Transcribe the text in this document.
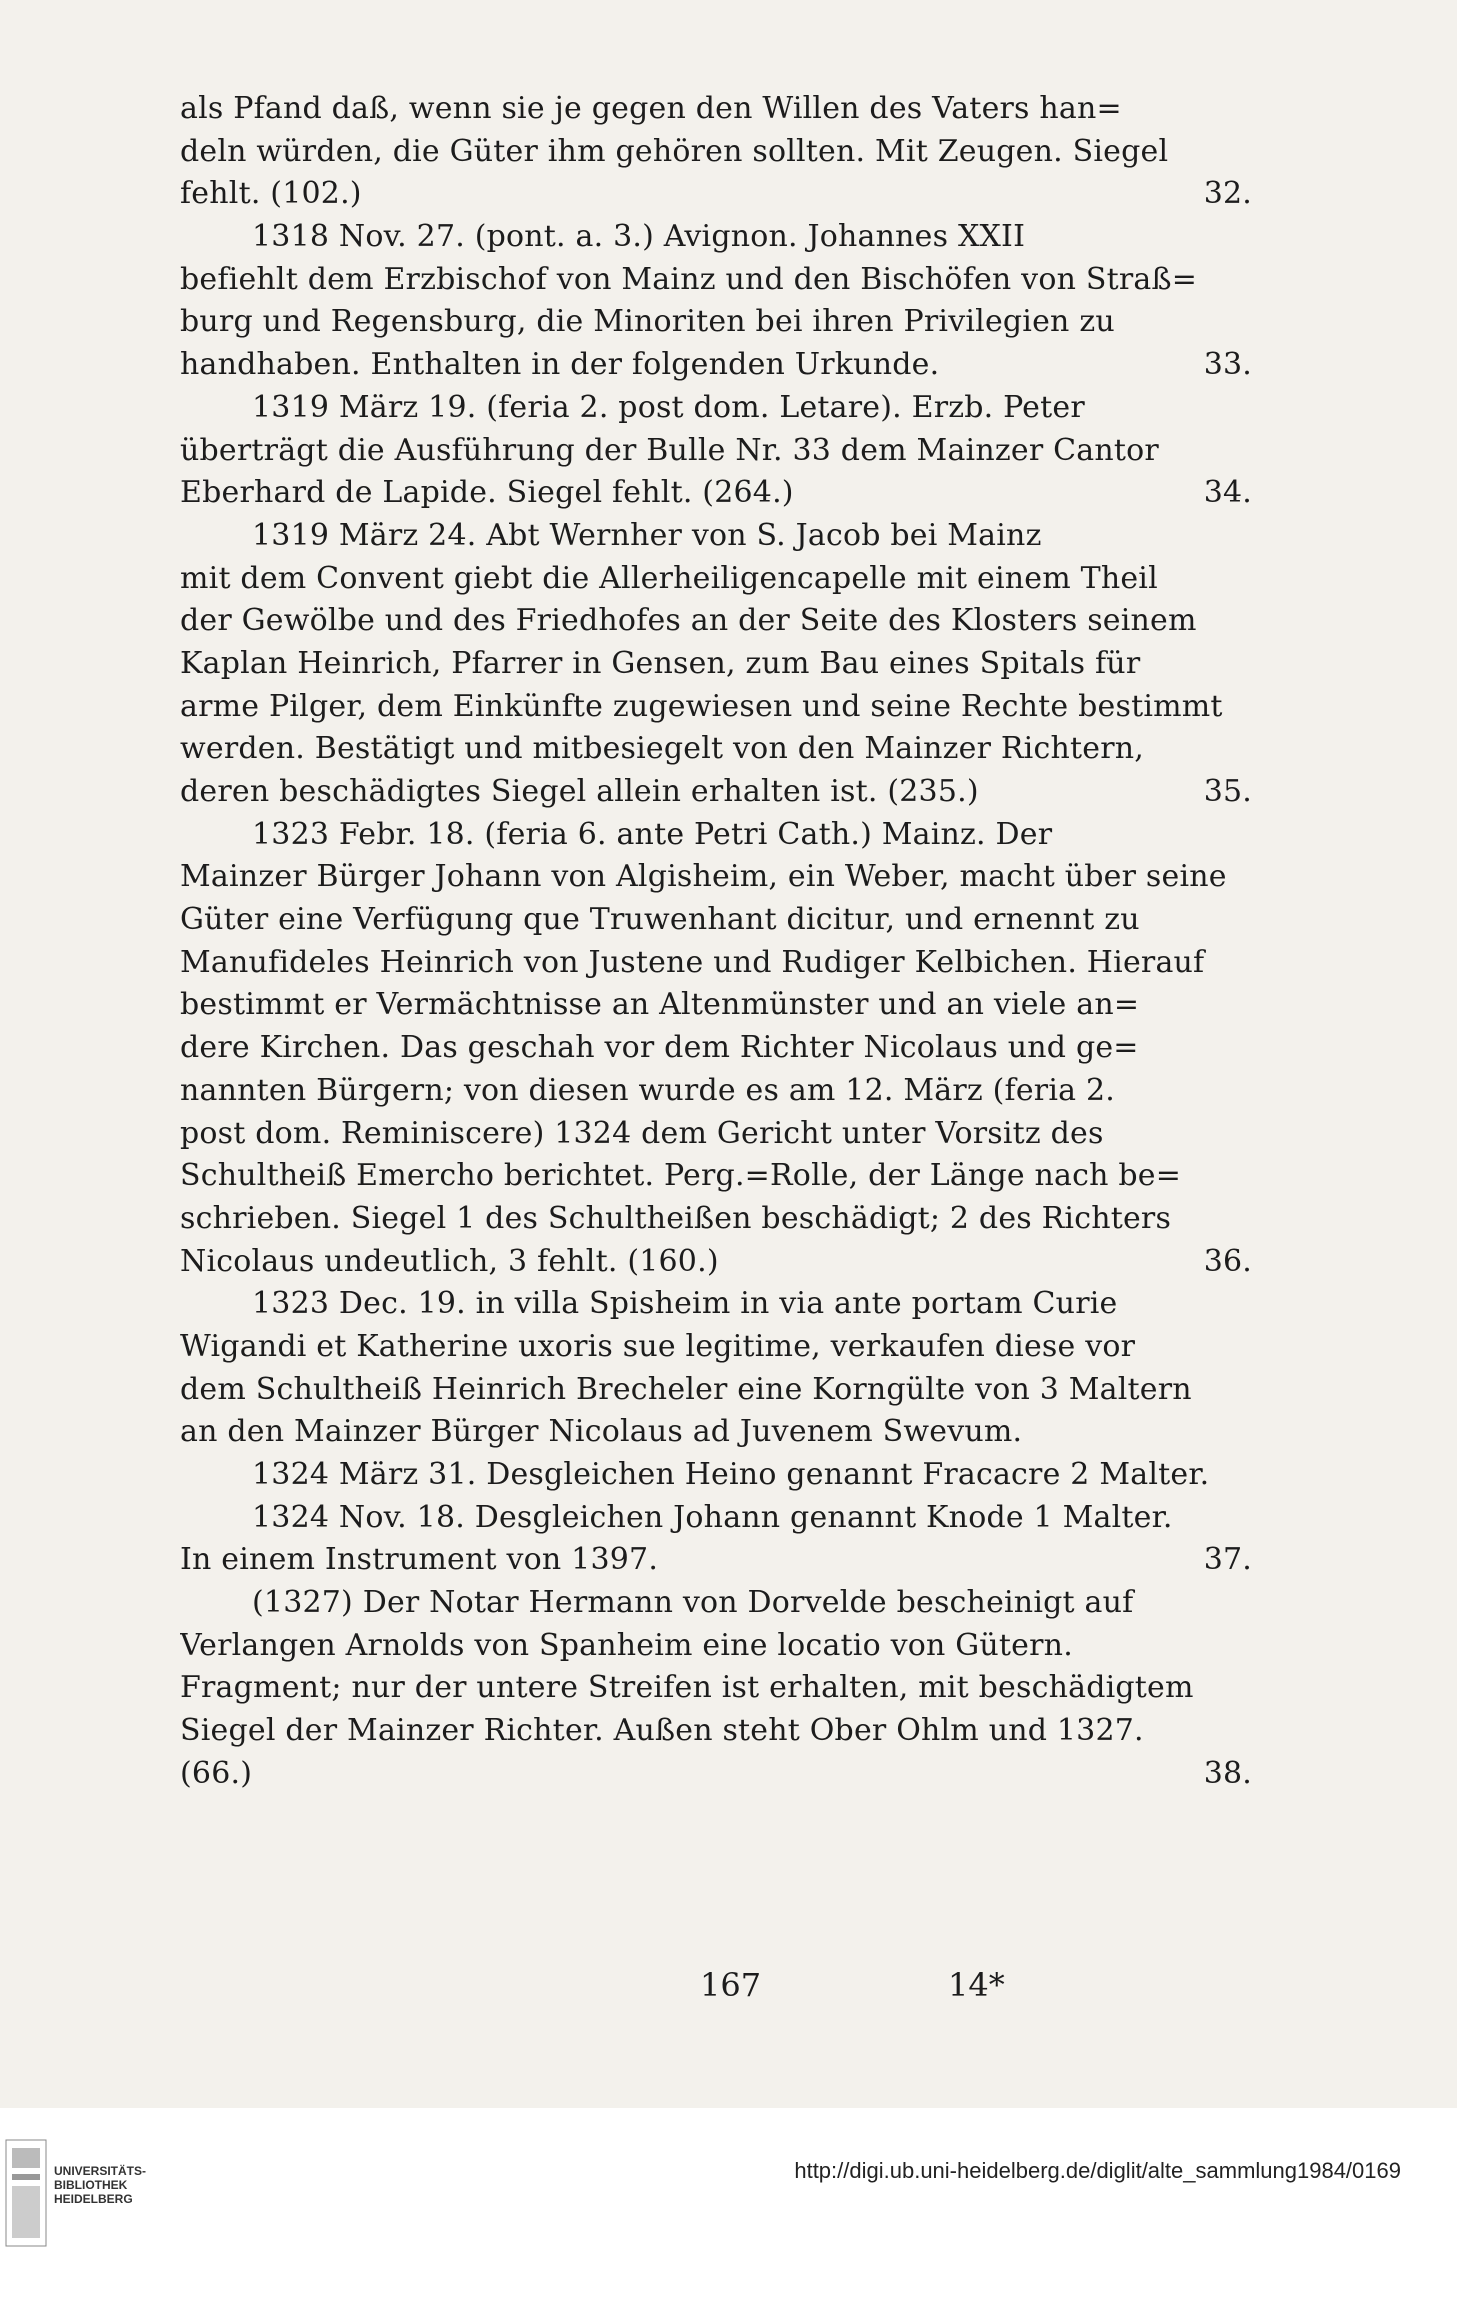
als Pfand daß, wenn sie je gegen den Willen des Vaters han=
deln würden, die Güter ihm gehören sollten. Mit Zeugen. Siegel
fehlt. (102.)	32.
1318 Nov. 27. (pont. a. 3.) Avignon. Johannes XXII
befiehlt dem Erzbischof von Mainz und den Bischöfen von Straß=
burg und Regensburg, die Minoriten bei ihren Privilegien zu
handhaben. Enthalten in der folgenden Urkunde.	33.
1319 März 19. (feria 2. post dom. Letare). Erzb. Peter
überträgt die Ausführung der Bulle Nr. 33 dem Mainzer Cantor
Eberhard de Lapide. Siegel fehlt. (264.)	34.
1319 März 24. Abt Wernher von S. Jacob bei Mainz
mit dem Convent giebt die Allerheiligencapelle mit einem Theil
der Gewölbe und des Friedhofes an der Seite des Klosters seinem
Kaplan Heinrich, Pfarrer in Gensen, zum Bau eines Spitals für
arme Pilger, dem Einkünfte zugewiesen und seine Rechte bestimmt
werden. Bestätigt und mitbesiegelt von den Mainzer Richtern,
deren beschädigtes Siegel allein erhalten ist. (235.)	35.
1323 Febr. 18. (feria 6. ante Petri Cath.) Mainz. Der
Mainzer Bürger Johann von Algisheim, ein Weber, macht über seine
Güter eine Verfügung que Truwenhant dicitur, und ernennt zu
Manufideles Heinrich von Justene und Rudiger Kelbichen. Hierauf
bestimmt er Vermächtnisse an Altenmünster und an viele an=
dere Kirchen. Das geschah vor dem Richter Nicolaus und ge=
nannten Bürgern; von diesen wurde es am 12. März (feria 2.
post dom. Reminiscere) 1324 dem Gericht unter Vorsitz des
Schultheiß Emercho berichtet. Perg.=Rolle, der Länge nach be=
schrieben. Siegel 1 des Schultheißen beschädigt; 2 des Richters
Nicolaus undeutlich, 3 fehlt. (160.)	36.
1323 Dec. 19. in villa Spisheim in via ante portam Curie
Wigandi et Katherine uxoris sue legitime, verkaufen diese vor
dem Schultheiß Heinrich Brecheler eine Korngülte von 3 Maltern
an den Mainzer Bürger Nicolaus ad Juvenem Swevum.
1324 März 31. Desgleichen Heino genannt Fracacre 2 Malter.
1324 Nov. 18. Desgleichen Johann genannt Knode 1 Malter.
In einem Instrument von 1397.	37.
(1327) Der Notar Hermann von Dorvelde bescheinigt auf
Verlangen Arnolds von Spanheim eine locatio von Gütern.
Fragment; nur der untere Streifen ist erhalten, mit beschädigtem
Siegel der Mainzer Richter. Außen steht Ober Ohlm und 1327.
(66.)	38.
167	14*
UNIVERSITÄTS-
BIBLIOTHEK
HEIDELBERG
http://digi.ub.uni-heidelberg.de/diglit/alte_sammlung1984/0169
